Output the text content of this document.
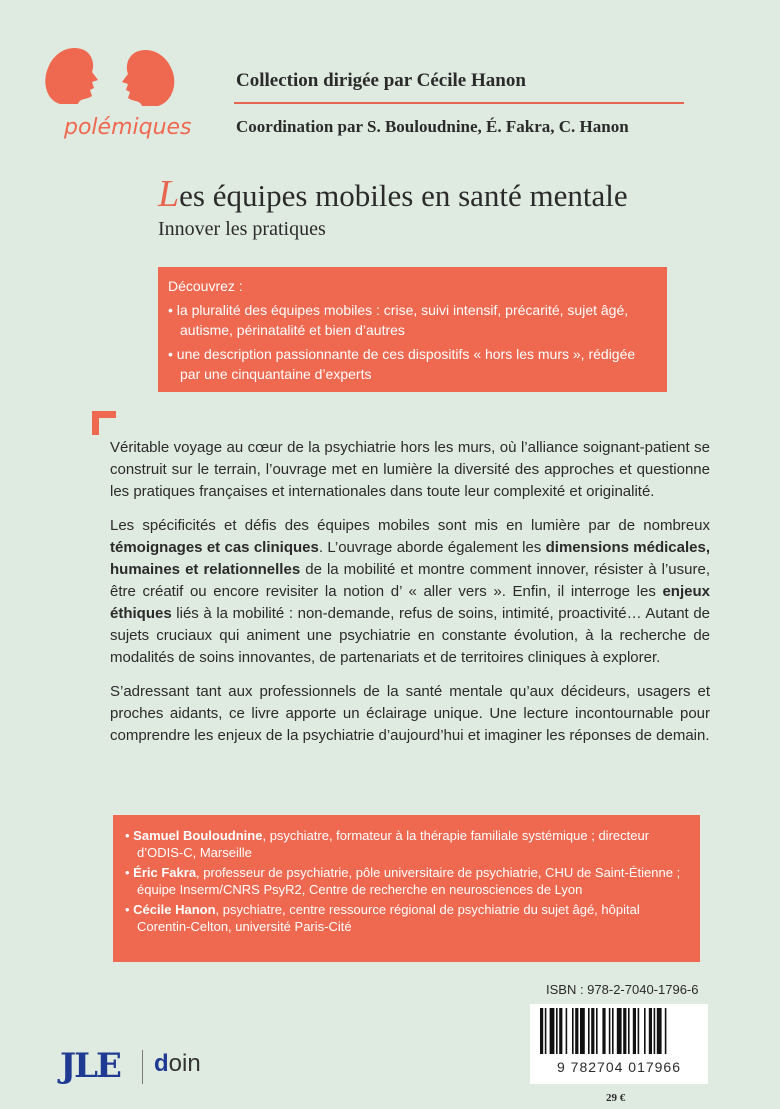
polémiques
Collection dirigée par Cécile Hanon
Coordination par S. Bouloudnine, É. Fakra, C. Hanon
Les équipes mobiles en santé mentale
Innover les pratiques
Découvrez :
• la pluralité des équipes mobiles : crise, suivi intensif, précarité, sujet âgé, autisme, périnatalité et bien d’autres
• une description passionnante de ces dispositifs « hors les murs », rédigée par une cinquantaine d’experts

Véritable voyage au cœur de la psychiatrie hors les murs, où l’alliance soignant-patient se construit sur le terrain, l’ouvrage met en lumière la diversité des approches et questionne les pratiques françaises et internationales dans toute leur complexité et originalité.

Les spécificités et défis des équipes mobiles sont mis en lumière par de nombreux témoignages et cas cliniques. L’ouvrage aborde également les dimensions médicales, humaines et relationnelles de la mobilité et montre comment innover, résister à l’usure, être créatif ou encore revisiter la notion d’ « aller vers ». Enfin, il interroge les enjeux éthiques liés à la mobilité : non-demande, refus de soins, intimité, proactivité… Autant de sujets cruciaux qui animent une psychiatrie en constante évolution, à la recherche de modalités de soins innovantes, de partenariats et de territoires cliniques à explorer.

S’adressant tant aux professionnels de la santé mentale qu’aux décideurs, usagers et proches aidants, ce livre apporte un éclairage unique. Une lecture incontournable pour comprendre les enjeux de la psychiatrie d’aujourd’hui et imaginer les réponses de demain.

• Samuel Bouloudnine, psychiatre, formateur à la thérapie familiale systémique ; directeur d’ODIS-C, Marseille
• Éric Fakra, professeur de psychiatrie, pôle universitaire de psychiatrie, CHU de Saint-Étienne ; équipe Inserm/CNRS PsyR2, Centre de recherche en neurosciences de Lyon
• Cécile Hanon, psychiatre, centre ressource régional de psychiatrie du sujet âgé, hôpital Corentin-Celton, université Paris-Cité
ISBN : 978-2-7040-1796-6
9 782704 017966
29 €
JLE doin
